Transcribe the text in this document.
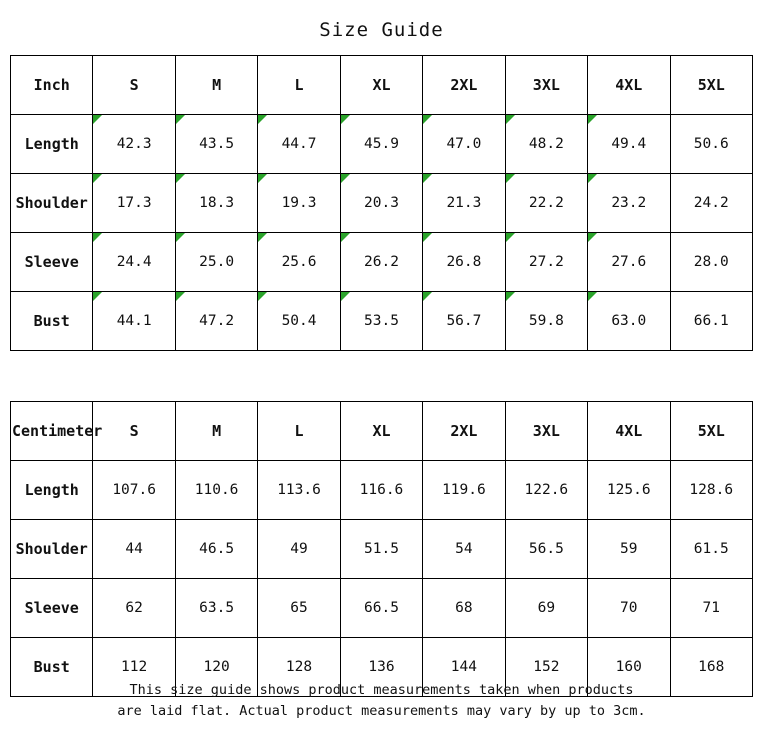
Size Guide
Inch	S	M	L	XL	2XL	3XL	4XL	5XL
Length	42.3	43.5	44.7	45.9	47.0	48.2	49.4	50.6
Shoulder	17.3	18.3	19.3	20.3	21.3	22.2	23.2	24.2
Sleeve	24.4	25.0	25.6	26.2	26.8	27.2	27.6	28.0
Bust	44.1	47.2	50.4	53.5	56.7	59.8	63.0	66.1
Centimeter	S	M	L	XL	2XL	3XL	4XL	5XL
Length	107.6	110.6	113.6	116.6	119.6	122.6	125.6	128.6
Shoulder	44	46.5	49	51.5	54	56.5	59	61.5
Sleeve	62	63.5	65	66.5	68	69	70	71
Bust	112	120	128	136	144	152	160	168
This size guide shows product measurements taken when products
are laid flat. Actual product measurements may vary by up to 3cm.
